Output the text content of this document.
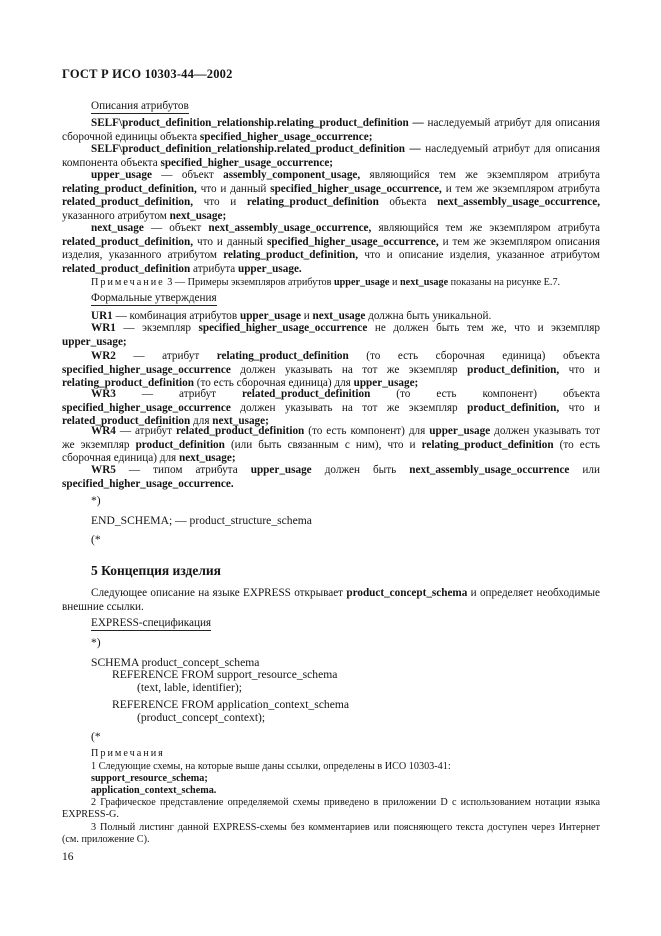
ГОСТ Р ИСО 10303-44—2002
Описания атрибутов

SELF\product_definition_relationship.relating_product_definition — наследуемый атрибут для описания сборочной единицы объекта specified_higher_usage_occurrence;

SELF\product_definition_relationship.related_product_definition — наследуемый атрибут для описания компонента объекта specified_higher_usage_occurrence;

upper_usage — объект assembly_component_usage, являющийся тем же экземпляром атрибута relating_product_definition, что и данный specified_higher_usage_occurrence, и тем же экземпляром атрибута related_product_definition, что и relating_product_definition объекта next_assembly_usage_occurrence, указанного атрибутом next_usage;

next_usage — объект next_assembly_usage_occurrence, являющийся тем же экземпляром атрибута related_product_definition, что и данный specified_higher_usage_occurrence, и тем же экземпляром описания изделия, указанного атрибутом relating_product_definition, что и описание изделия, указанное атрибутом related_product_definition атрибута upper_usage.

Примечание 3 — Примеры экземпляров атрибутов upper_usage и next_usage показаны на рисунке Е.7.

Формальные утверждения

UR1 — комбинация атрибутов upper_usage и next_usage должна быть уникальной.

WR1 — экземпляр specified_higher_usage_occurrence не должен быть тем же, что и экземпляр upper_usage;

WR2 — атрибут relating_product_definition (то есть сборочная единица) объекта specified_higher_usage_occurrence должен указывать на тот же экземпляр product_definition, что и relating_product_definition (то есть сборочная единица) для upper_usage;

WR3 — атрибут related_product_definition (то есть компонент) объекта specified_higher_usage_occurrence должен указывать на тот же экземпляр product_definition, что и related_product_definition для next_usage;

WR4 — атрибут related_product_definition (то есть компонент) для upper_usage должен указывать тот же экземпляр product_definition (или быть связанным с ним), что и relating_product_definition (то есть сборочная единица) для next_usage;

WR5 — типом атрибута upper_usage должен быть next_assembly_usage_occurrence или specified_higher_usage_occurrence.

*)
END_SCHEMA; — product_structure_schema
(*
5 Концепция изделия

Следующее описание на языке EXPRESS открывает product_concept_schema и определяет необходимые внешние ссылки.

EXPRESS-спецификация
*)
SCHEMA product_concept_schema
REFERENCE FROM support_resource_schema
(text, lable, identifier);
REFERENCE FROM application_context_schema
(product_concept_context);
(*
Примечания

1 Следующие схемы, на которые выше даны ссылки, определены в ИСО 10303-41:

support_resource_schema;
application_context_schema.

2 Графическое представление определяемой схемы приведено в приложении D с использованием нотации языка EXPRESS-G.

3 Полный листинг данной EXPRESS-схемы без комментариев или поясняющего текста доступен через Интернет (см. приложение С).

16
